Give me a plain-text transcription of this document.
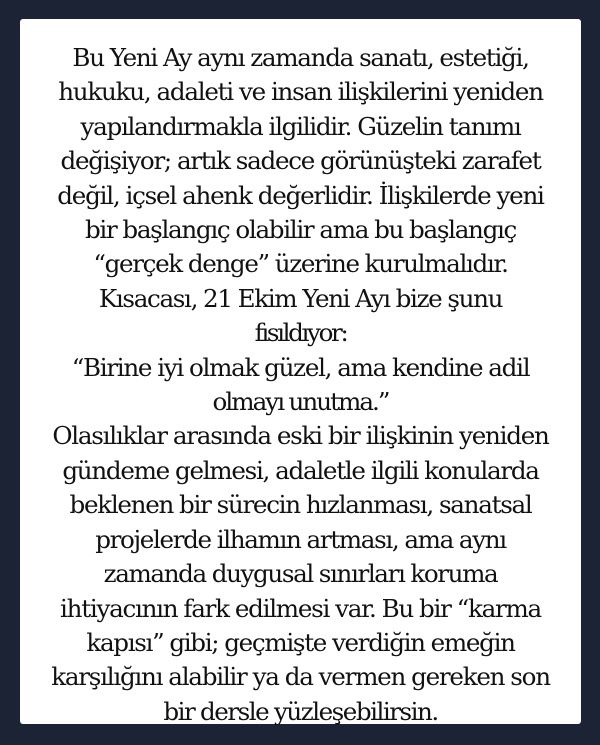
Bu Yeni Ay aynı zamanda sanatı, estetiği,
hukuku, adaleti ve insan ilişkilerini yeniden
yapılandırmakla ilgilidir. Güzelin tanımı
değişiyor; artık sadece görünüşteki zarafet
değil, içsel ahenk değerlidir. İlişkilerde yeni
bir başlangıç olabilir ama bu başlangıç
“gerçek denge” üzerine kurulmalıdır.
Kısacası, 21 Ekim Yeni Ayı bize şunu
fısıldıyor:
“Birine iyi olmak güzel, ama kendine adil
olmayı unutma.”
Olasılıklar arasında eski bir ilişkinin yeniden
gündeme gelmesi, adaletle ilgili konularda
beklenen bir sürecin hızlanması, sanatsal
projelerde ilhamın artması, ama aynı
zamanda duygusal sınırları koruma
ihtiyacının fark edilmesi var. Bu bir “karma
kapısı” gibi; geçmişte verdiğin emeğin
karşılığını alabilir ya da vermen gereken son
bir dersle yüzleşebilirsin.
